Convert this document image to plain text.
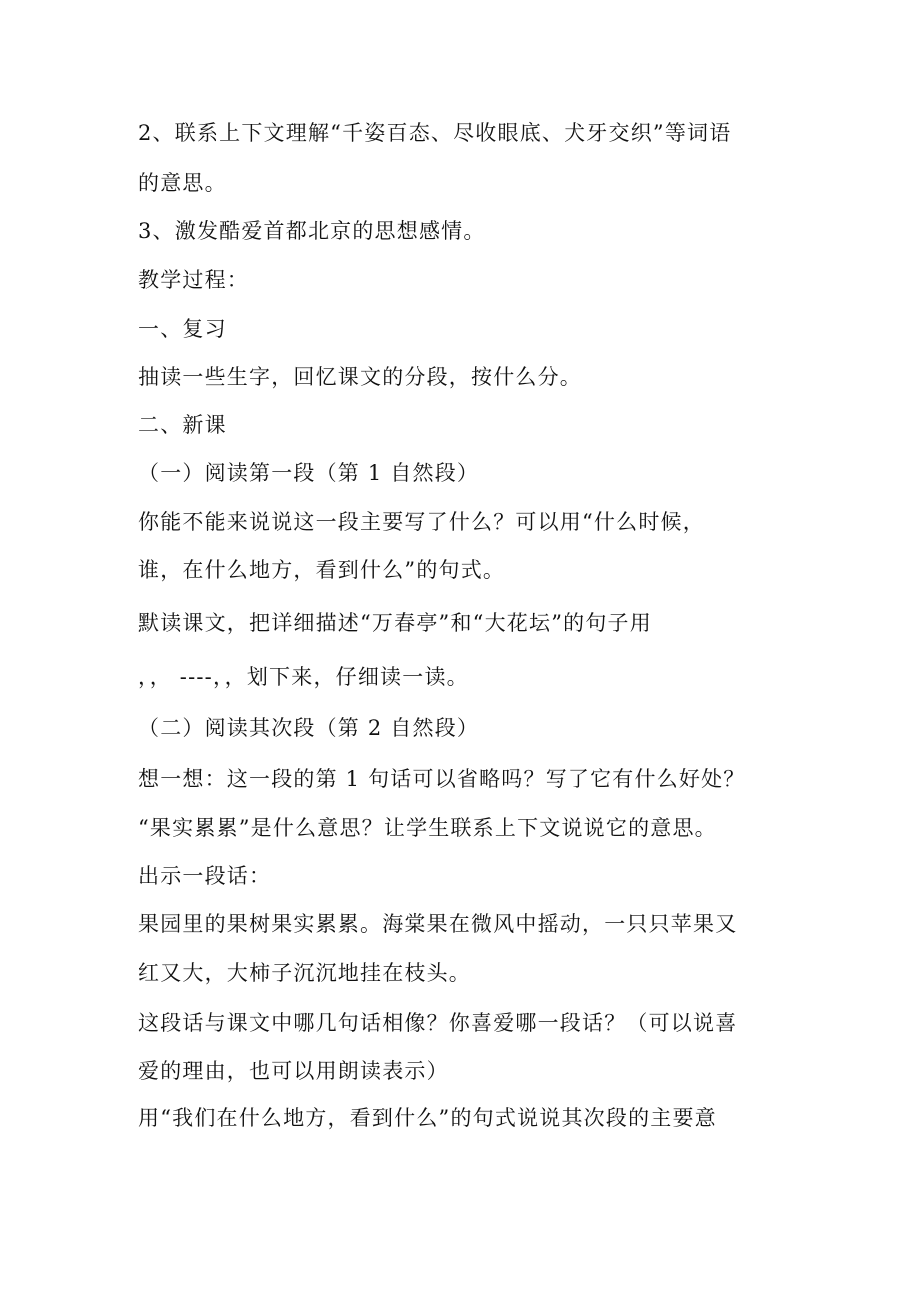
2、联系上下文理解“千姿百态、尽收眼底、犬牙交织”等词语
的意思。
3、激发酷爱首都北京的思想感情。
教学过程：
一、复习
抽读一些生字，回忆课文的分段，按什么分。
二、新课
（一）阅读第一段（第 1 自然段）
你能不能来说说这一段主要写了什么？可以用“什么时候，
谁，在什么地方，看到什么”的句式。
默读课文，把详细描述“万春亭”和“大花坛”的句子用
，， ----，，划下来，仔细读一读。
（二）阅读其次段（第 2 自然段）
想一想：这一段的第 1 句话可以省略吗？写了它有什么好处？
“果实累累”是什么意思？让学生联系上下文说说它的意思。
出示一段话：
果园里的果树果实累累。海棠果在微风中摇动，一只只苹果又
红又大，大柿子沉沉地挂在枝头。
这段话与课文中哪几句话相像？你喜爱哪一段话？（可以说喜
爱的理由，也可以用朗读表示）
用“我们在什么地方，看到什么”的句式说说其次段的主要意
